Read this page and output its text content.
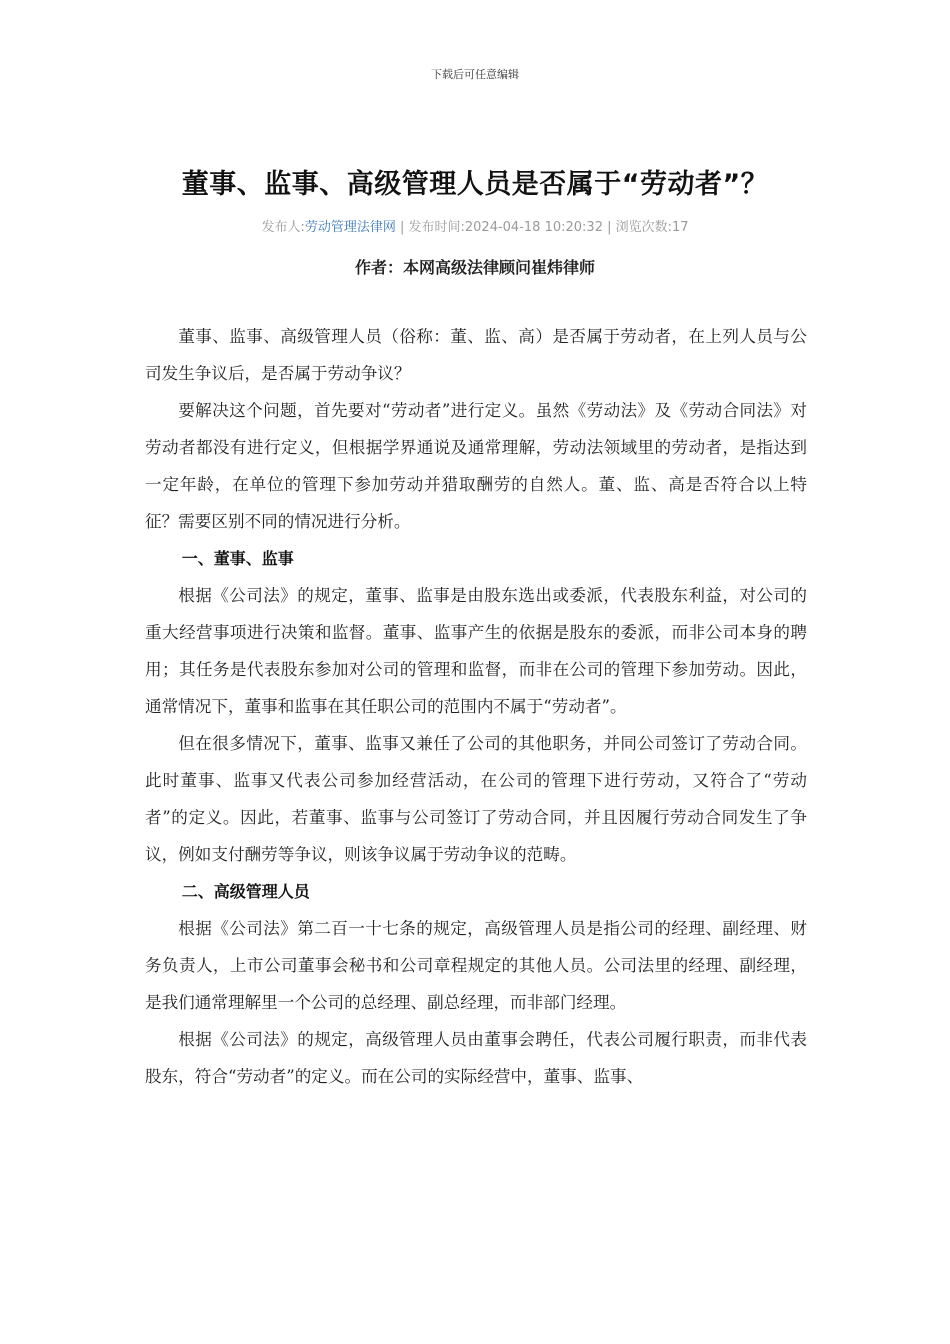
下载后可任意编辑
董事、监事、高级管理人员是否属于“劳动者”？
发布人:劳动管理法律网 | 发布时间:2024-04-18 10:20:32 | 浏览次数:17
作者：本网高级法律顾问崔炜律师

董事、监事、高级管理人员（俗称：董、监、高）是否属于劳动者，在上列人员与公司发生争议后，是否属于劳动争议？

要解决这个问题，首先要对“劳动者”进行定义。虽然《劳动法》及《劳动合同法》对劳动者都没有进行定义，但根据学界通说及通常理解，劳动法领域里的劳动者，是指达到一定年龄，在单位的管理下参加劳动并猎取酬劳的自然人。董、监、高是否符合以上特征？需要区别不同的情况进行分析。

一、董事、监事

根据《公司法》的规定，董事、监事是由股东选出或委派，代表股东利益，对公司的重大经营事项进行决策和监督。董事、监事产生的依据是股东的委派，而非公司本身的聘用；其任务是代表股东参加对公司的管理和监督，而非在公司的管理下参加劳动。因此，通常情况下，董事和监事在其任职公司的范围内不属于“劳动者”。

但在很多情况下，董事、监事又兼任了公司的其他职务，并同公司签订了劳动合同。此时董事、监事又代表公司参加经营活动，在公司的管理下进行劳动，又符合了“劳动者”的定义。因此，若董事、监事与公司签订了劳动合同，并且因履行劳动合同发生了争议，例如支付酬劳等争议，则该争议属于劳动争议的范畴。

二、高级管理人员

根据《公司法》第二百一十七条的规定，高级管理人员是指公司的经理、副经理、财务负责人，上市公司董事会秘书和公司章程规定的其他人员。公司法里的经理、副经理，是我们通常理解里一个公司的总经理、副总经理，而非部门经理。

根据《公司法》的规定，高级管理人员由董事会聘任，代表公司履行职责，而非代表股东，符合“劳动者”的定义。而在公司的实际经营中，董事、监事、
